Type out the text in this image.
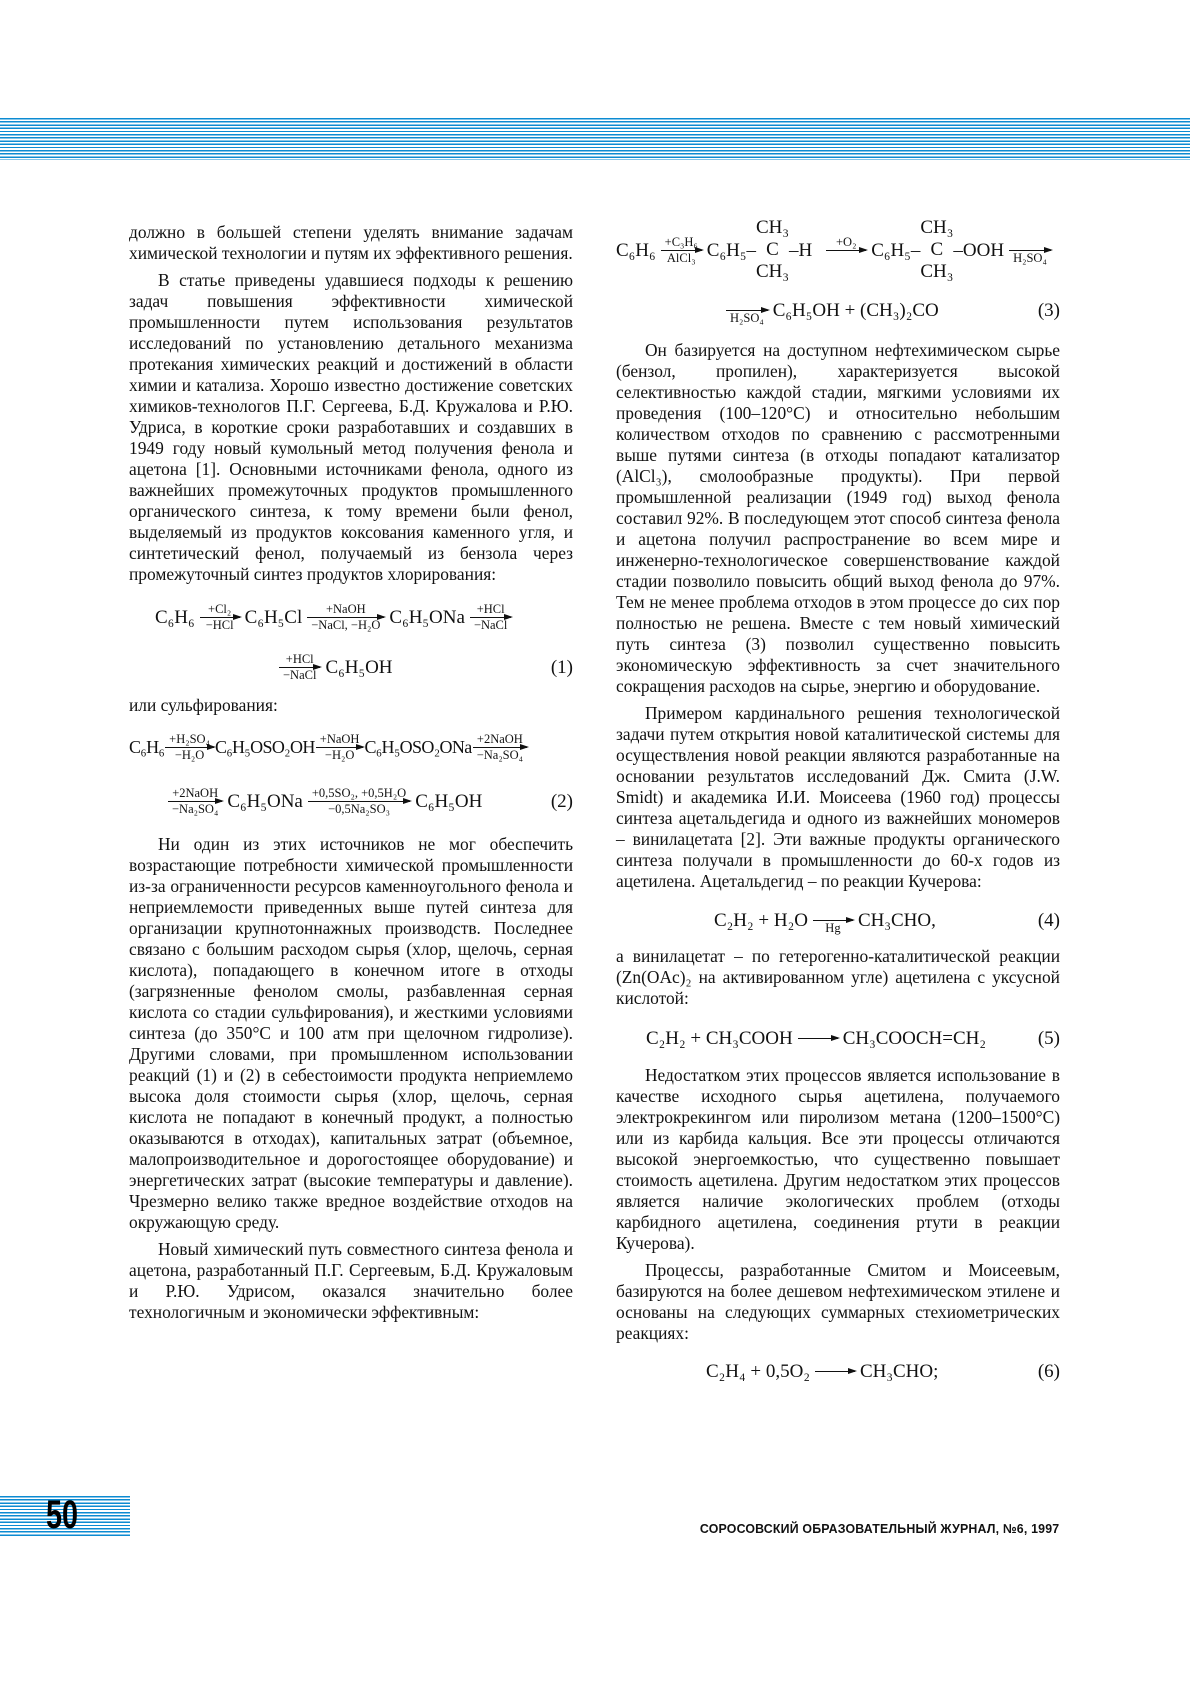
должно в большей степени уделять внимание задачам химической технологии и путям их эффективного решения.

В статье приведены удавшиеся подходы к решению задач повышения эффективности химической промышленности путем использования результатов исследований по установлению детального механизма протекания химических реакций и достижений в области химии и катализа. Хорошо известно достижение советских химиков-технологов П.Г. Сергеева, Б.Д. Кружалова и Р.Ю. Удриса, в короткие сроки разработавших и создавших в 1949 году новый кумольный метод получения фенола и ацетона [1]. Основными источниками фенола, одного из важнейших промежуточных продуктов промышленного органического синтеза, к тому времени были фенол, выделяемый из продуктов коксования каменного угля, и синтетический фенол, получаемый из бензола через промежуточный синтез продуктов хлорирования:

C₆H₆	+Cl₂
−HCl C₆H₅Cl	+NaOH
−NaCl, −H₂O C₆H₅ONa +HCl
−NaCl
+HCl
−NaCl C₆H₅OH	(1)

или сульфирования:

C₆H₆ +H₂SO₄
−H₂O C₆H₅OSO₂OH +NaOH
−H₂O C₆H₅OSO₂ONa +2NaOH
−Na₂SO₄
+2NaOH
−Na₂SO₄ C₆H₅ONa +0,5SO₂, +0,5H₂O
−0,5Na₂SO₃ C₆H₅OH	(2)

Ни один из этих источников не мог обеспечить возрастающие потребности химической промышленности из-за ограниченности ресурсов каменноугольного фенола и неприемлемости приведенных выше путей синтеза для организации крупнотоннажных производств. Последнее связано с большим расходом сырья (хлор, щелочь, серная кислота), попадающего в конечном итоге в отходы (загрязненные фенолом смолы, разбавленная серная кислота со стадии сульфирования), и жесткими условиями синтеза (до 350°С и 100 атм при щелочном гидролизе). Другими словами, при промышленном использовании реакций (1) и (2) в себестоимости продукта неприемлемо высока доля стоимости сырья (хлор, щелочь, серная кислота не попадают в конечный продукт, а полностью оказываются в отходах), капитальных затрат (объемное, малопроизводительное и дорогостоящее оборудование) и энергетических затрат (высокие температуры и давление). Чрезмерно велико также вредное воздействие отходов на окружающую среду.

Новый химический путь совместного синтеза фенола и ацетона, разработанный П.Г. Сергеевым, Б.Д. Кружаловым и Р.Ю. Удрисом, оказался значительно более технологичным и экономически эффективным:

C₆H₆ +C₃H₆
AlCl₃ C₆H₅–
CH₃
C
CH₃
–H	+O₂ C₆H₅–
CH₃
C
CH₃
–OOH H₂SO₄
H₂SO₄ C₆H₅OH + (CH₃)₂CO	(3)

Он базируется на доступном нефтехимическом сырье (бензол, пропилен), характеризуется высокой селективностью каждой стадии, мягкими условиями их проведения (100–120°С) и относительно небольшим количеством отходов по сравнению с рассмотренными выше путями синтеза (в отходы попадают катализатор (AlCl₃), смолообразные продукты). При первой промышленной реализации (1949 год) выход фенола составил 92%. В последующем этот способ синтеза фенола и ацетона получил распространение во всем мире и инженерно-технологическое совершенствование каждой стадии позволило повысить общий выход фенола до 97%. Тем не менее проблема отходов в этом процессе до сих пор полностью не решена. Вместе с тем новый химический путь синтеза (3) позволил существенно повысить экономическую эффективность за счет значительного сокращения расходов на сырье, энергию и оборудование.

Примером кардинального решения технологической задачи путем открытия новой каталитической системы для осуществления новой реакции являются разработанные на основании результатов исследований Дж. Смита (J.W. Smidt) и академика И.И. Моисеева (1960 год) процессы синтеза ацетальдегида и одного из важнейших мономеров – винилацетата [2]. Эти важные продукты органического синтеза получали в промышленности до 60-х годов из ацетилена. Ацетальдегид – по реакции Кучерова:

C₂H₂ + H₂O	Hg CH₃CHO,	(4)

а винилацетат – по гетерогенно-каталитической реакции (Zn(OAc)₂ на активированном угле) ацетилена с уксусной кислотой:

C₂H₂ + CH₃COOH → CH₃COOCH=CH₂	(5)

Недостатком этих процессов является использование в качестве исходного сырья ацетилена, получаемого электрокрекингом или пиролизом метана (1200–1500°С) или из карбида кальция. Все эти процессы отличаются высокой энергоемкостью, что существенно повышает стоимость ацетилена. Другим недостатком этих процессов является наличие экологических проблем (отходы карбидного ацетилена, соединения ртути в реакции Кучерова).

Процессы, разработанные Смитом и Моисеевым, базируются на более дешевом нефтехимическом этилене и основаны на следующих суммарных стехиометрических реакциях:

C₂H₄ + 0,5O₂ → CH₃CHO;	(6)
50	СОРОСОВСКИЙ ОБРАЗОВАТЕЛЬНЫЙ ЖУРНАЛ, №6, 1997
